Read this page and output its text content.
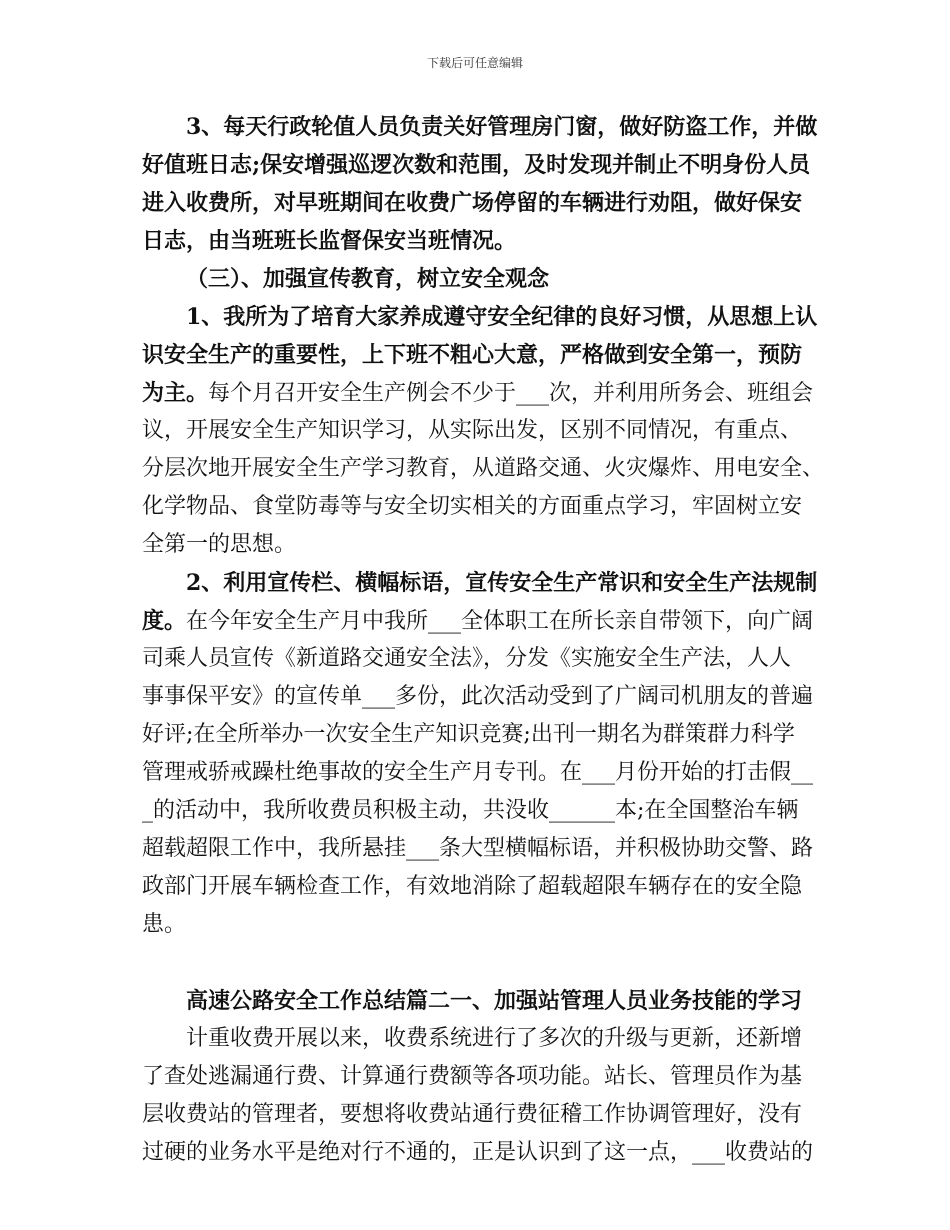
下载后可任意编辑
3、每天行政轮值人员负责关好管理房门窗，做好防盗工作，并做
好值班日志;保安增强巡逻次数和范围，及时发现并制止不明身份人员
进入收费所，对早班期间在收费广场停留的车辆进行劝阻，做好保安
日志，由当班班长监督保安当班情况。
（三）、加强宣传教育，树立安全观念
1、我所为了培育大家养成遵守安全纪律的良好习惯，从思想上认
识安全生产的重要性，上下班不粗心大意，严格做到安全第一，预防
为主。每个月召开安全生产例会不少于___次，并利用所务会、班组会
议，开展安全生产知识学习，从实际出发，区别不同情况，有重点、
分层次地开展安全生产学习教育，从道路交通、火灾爆炸、用电安全、
化学物品、食堂防毒等与安全切实相关的方面重点学习，牢固树立安
全第一的思想。
2、利用宣传栏、横幅标语，宣传安全生产常识和安全生产法规制
度。在今年安全生产月中我所___全体职工在所长亲自带领下，向广阔
司乘人员宣传《新道路交通安全法》，分发《实施安全生产法，人人
事事保平安》的宣传单___多份，此次活动受到了广阔司机朋友的普遍
好评;在全所举办一次安全生产知识竞赛;出刊一期名为群策群力科学
管理戒骄戒躁杜绝事故的安全生产月专刊。在___月份开始的打击假__
_的活动中，我所收费员积极主动，共没收______本;在全国整治车辆
超载超限工作中，我所悬挂___条大型横幅标语，并积极协助交警、路
政部门开展车辆检查工作，有效地消除了超载超限车辆存在的安全隐
患。
高速公路安全工作总结篇二一、加强站管理人员业务技能的学习
计重收费开展以来，收费系统进行了多次的升级与更新，还新增
了查处逃漏通行费、计算通行费额等各项功能。站长、管理员作为基
层收费站的管理者，要想将收费站通行费征稽工作协调管理好，没有
过硬的业务水平是绝对行不通的，正是认识到了这一点，___收费站的
